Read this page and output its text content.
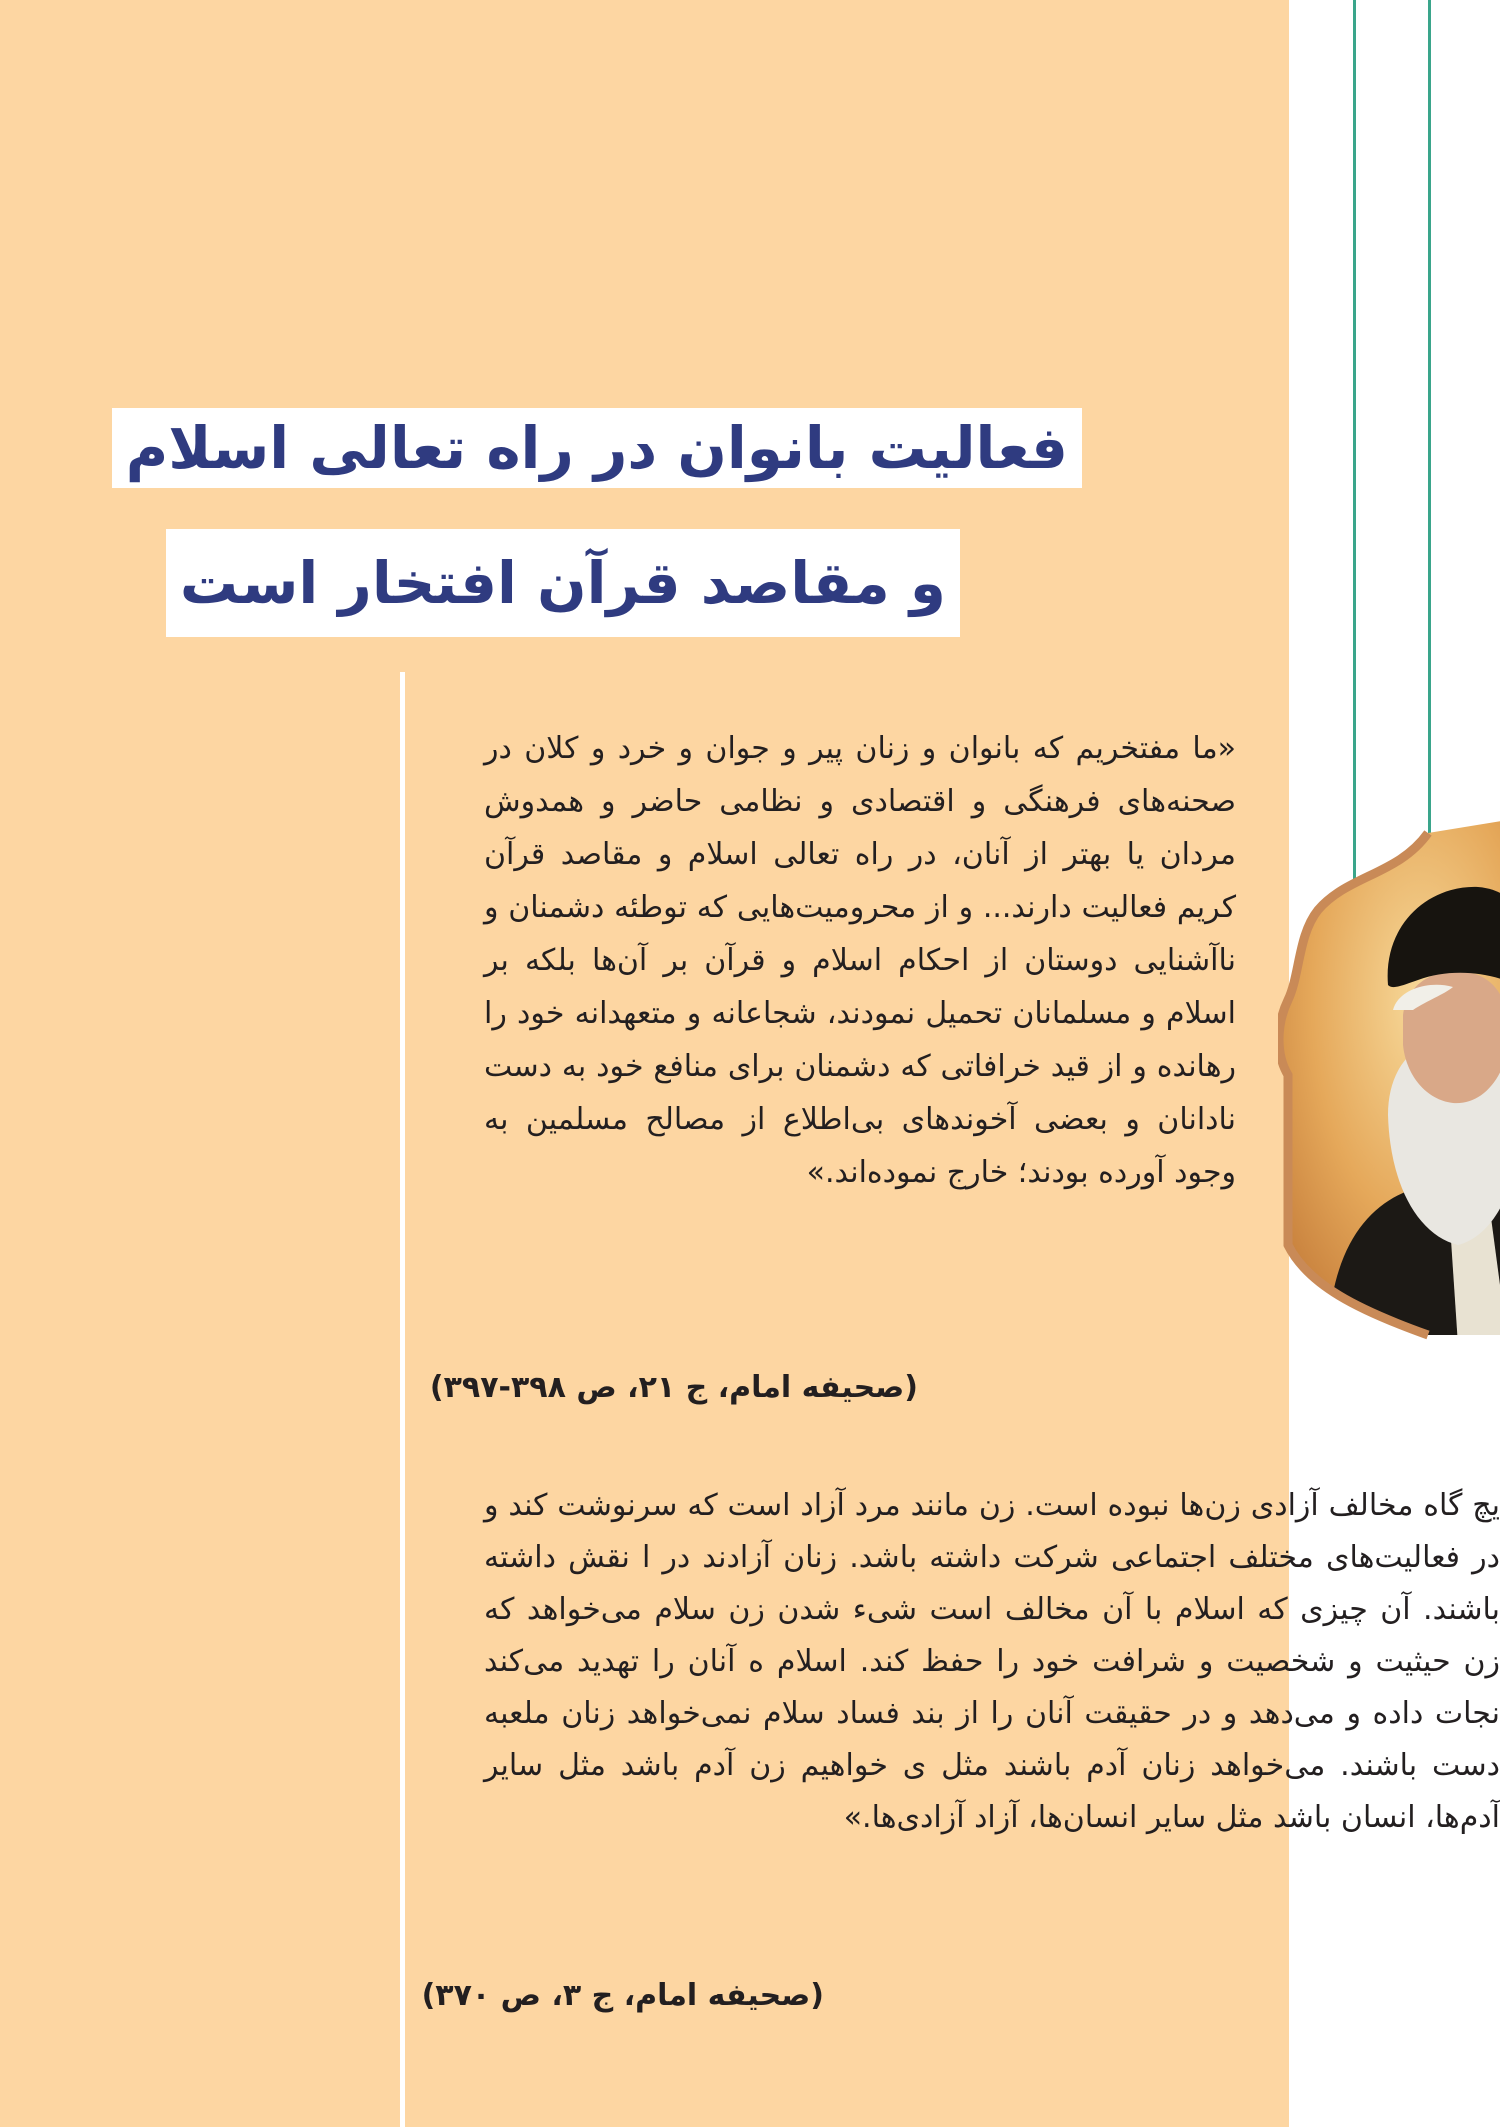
فعالیت بانوان در راه تعالی اسلام
و مقاصد قرآن افتخار است
«ما مفتخریم که بانوان و زنان پیر و جوان و خرد و کلان در صحنه‌های فرهنگی و اقتصادی و نظامی حاضر و همدوش مردان یا بهتر از آنان، در راه تعالی اسلام و مقاصد قرآن کریم فعالیت دارند... و از محرومیت‌هایی که توطئه دشمنان و ناآشنایی دوستان از احکام اسلام و قرآن بر آن‌ها بلکه بر اسلام و مسلمانان تحمیل نمودند، شجاعانه و متعهدانه خود را رهانده و از قید خرافاتی که دشمنان برای منافع خود به دست نادانان و بعضی آخوندهای بی‌اطلاع از مصالح مسلمین به وجود آورده بودند؛ خارج نموده‌اند.»
(صحیفه امام، ج ۲۱، ص ۳۹۸-۳۹۷)
یچ گاه مخالف آزادی زن‌ها نبوده است. زن مانند مرد آزاد است که سرنوشت کند و در فعالیت‌های مختلف اجتماعی شرکت داشته باشد. زنان آزادند در ا نقش داشته باشند. آن چیزی که اسلام با آن مخالف است شیء شدن زن سلام می‌خواهد که زن حیثیت و شخصیت و شرافت خود را حفظ کند. اسلام ه آنان را تهدید می‌کند نجات داده و می‌دهد و در حقیقت آنان را از بند فساد سلام نمی‌خواهد زنان ملعبه دست باشند. می‌خواهد زنان آدم باشند مثل ی خواهیم زن آدم باشد مثل سایر آدم‌ها، انسان باشد مثل سایر انسان‌ها، آزاد آزادی‌ها.»
(صحیفه امام، ج ۳، ص ۳۷۰)
